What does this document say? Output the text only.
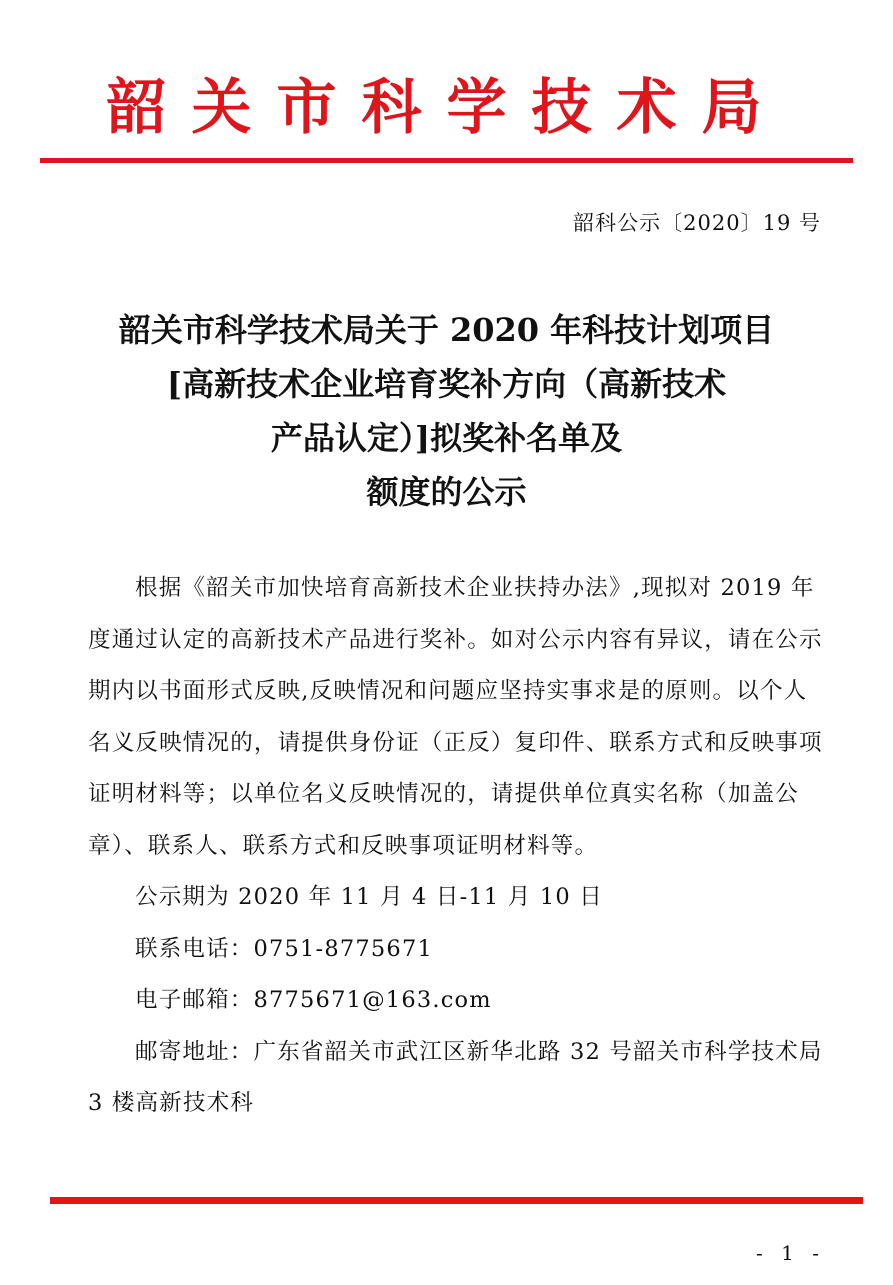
韶关市科学技术局
韶科公示〔2020〕19 号
韶关市科学技术局关于 2020 年科技计划项目
[高新技术企业培育奖补方向（高新技术
产品认定）]拟奖补名单及
额度的公示

根据《韶关市加快培育高新技术企业扶持办法》,现拟对 2019 年度通过认定的高新技术产品进行奖补。如对公示内容有异议，请在公示期内以书面形式反映,反映情况和问题应坚持实事求是的原则。以个人名义反映情况的，请提供身份证（正反）复印件、联系方式和反映事项证明材料等；以单位名义反映情况的，请提供单位真实名称（加盖公章）、联系人、联系方式和反映事项证明材料等。

公示期为 2020 年 11 月 4 日-11 月 10 日

联系电话：0751-8775671

电子邮箱：8775671@163.com

邮寄地址：广东省韶关市武江区新华北路 32 号韶关市科学技术局 3 楼高新技术科

- 1 -
